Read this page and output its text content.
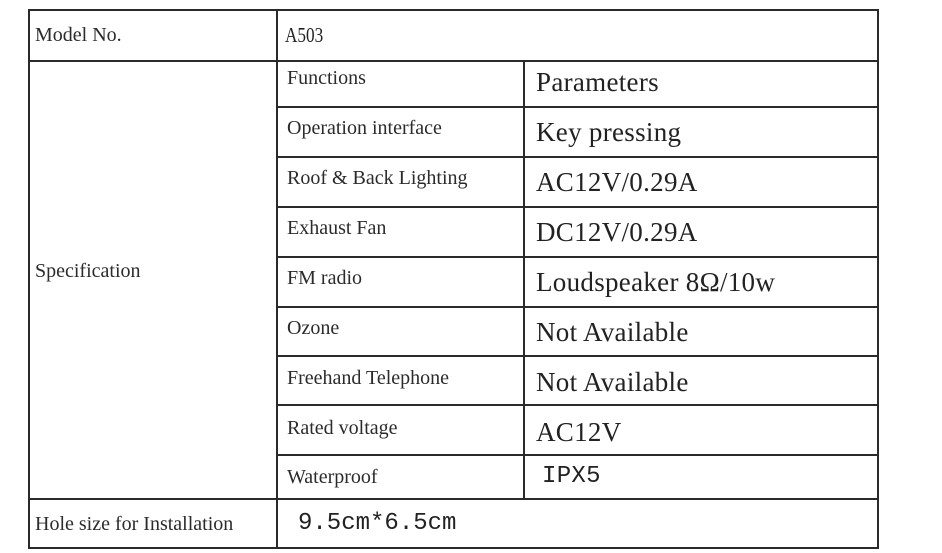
Model No.	A503
Specification
Functions	Parameters
Operation interface	Key pressing
Roof & Back Lighting	AC12V/0.29A
Exhaust Fan	DC12V/0.29A
FM radio	Loudspeaker 8Ω/10w
Ozone	Not Available
Freehand Telephone	Not Available
Rated voltage	AC12V
Waterproof	IPX5
Hole size for Installation	9.5cm*6.5cm
